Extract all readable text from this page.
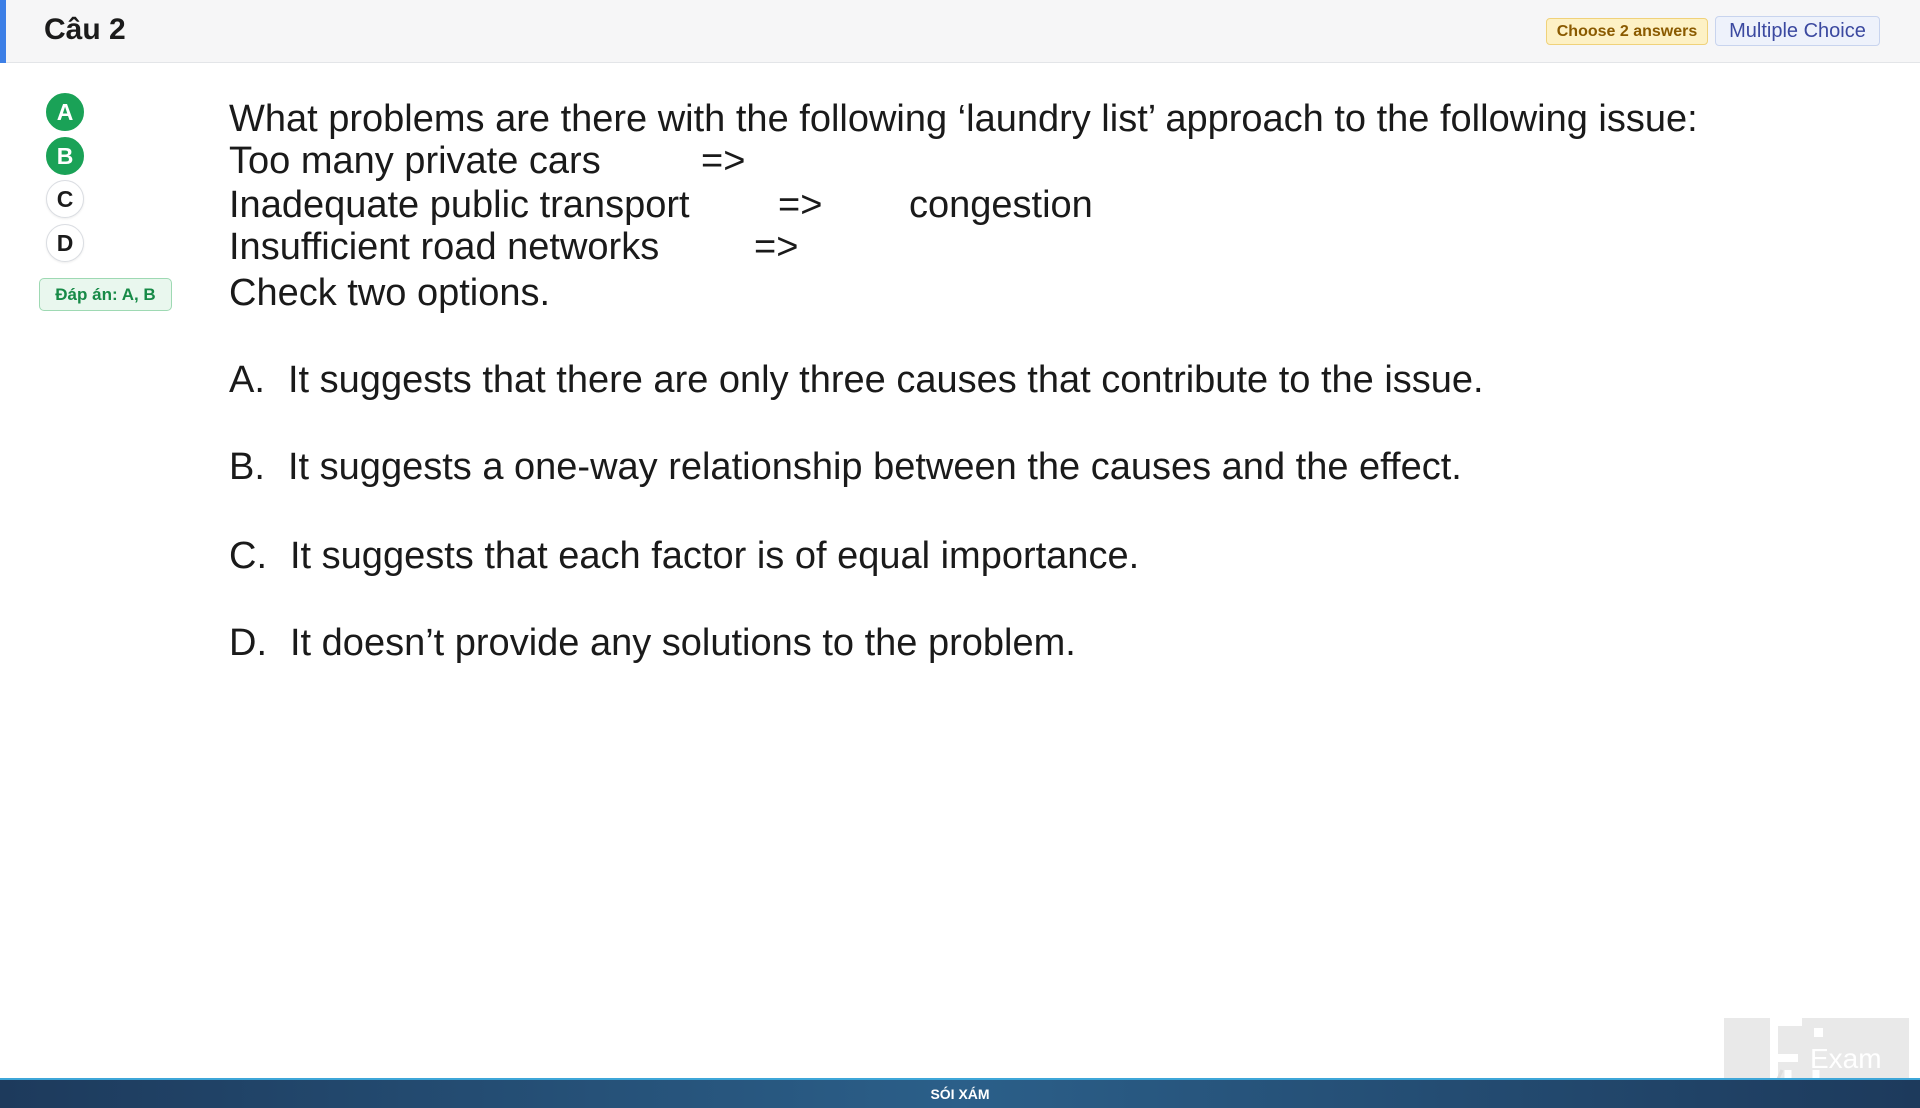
Câu 2	Choose 2 answers	Multiple Choice
A
B
C
D
Đáp án: A, B
What problems are there with the following ‘laundry list’ approach to the following issue:
Too many private cars	=>
Inadequate public transport => congestion
Insufficient road networks =>
Check two options.
A. It suggests that there are only three causes that contribute to the issue.
B. It suggests a one-way relationship between the causes and the effect.
C. It suggests that each factor is of equal importance.
D. It doesn’t provide any solutions to the problem.
Exam
SÓI XÁM
